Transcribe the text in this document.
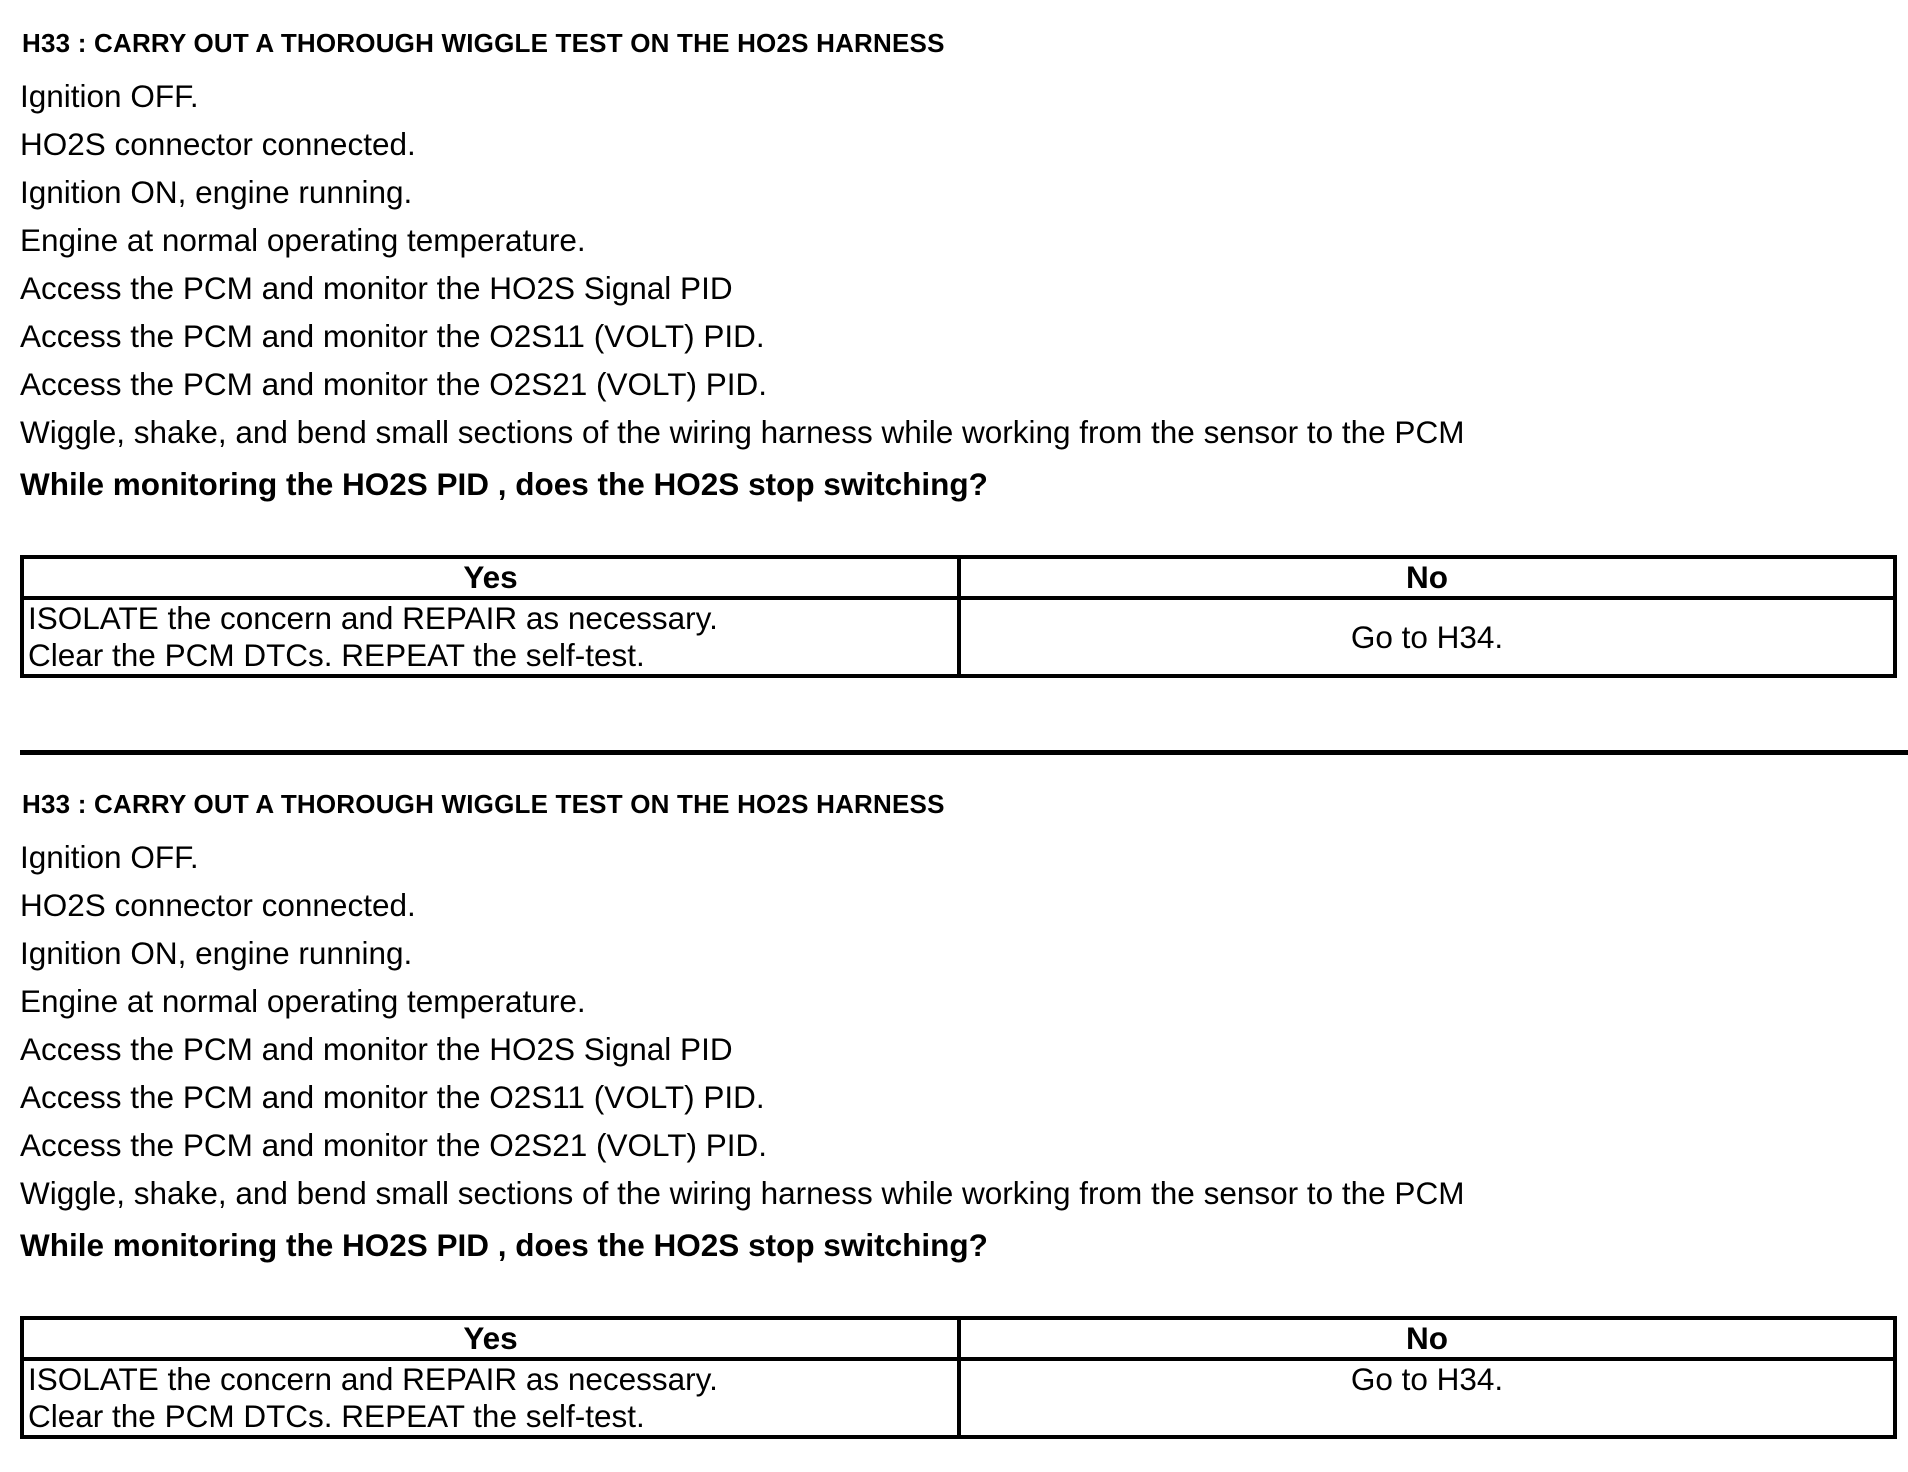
H33 : CARRY OUT A THOROUGH WIGGLE TEST ON THE HO2S HARNESS
Ignition OFF.
HO2S connector connected.
Ignition ON, engine running.
Engine at normal operating temperature.
Access the PCM and monitor the HO2S Signal PID
Access the PCM and monitor the O2S11 (VOLT) PID.
Access the PCM and monitor the O2S21 (VOLT) PID.
Wiggle, shake, and bend small sections of the wiring harness while working from the sensor to the PCM
While monitoring the HO2S PID , does the HO2S stop switching?
Yes	No

ISOLATE the concern and REPAIR as necessary.
Clear the PCM DTCs. REPEAT the self-test.	Go to H34.
H33 : CARRY OUT A THOROUGH WIGGLE TEST ON THE HO2S HARNESS
Ignition OFF.
HO2S connector connected.
Ignition ON, engine running.
Engine at normal operating temperature.
Access the PCM and monitor the HO2S Signal PID
Access the PCM and monitor the O2S11 (VOLT) PID.
Access the PCM and monitor the O2S21 (VOLT) PID.
Wiggle, shake, and bend small sections of the wiring harness while working from the sensor to the PCM
While monitoring the HO2S PID , does the HO2S stop switching?
Yes	No

ISOLATE the concern and REPAIR as necessary.
Clear the PCM DTCs. REPEAT the self-test.	Go to H34.
